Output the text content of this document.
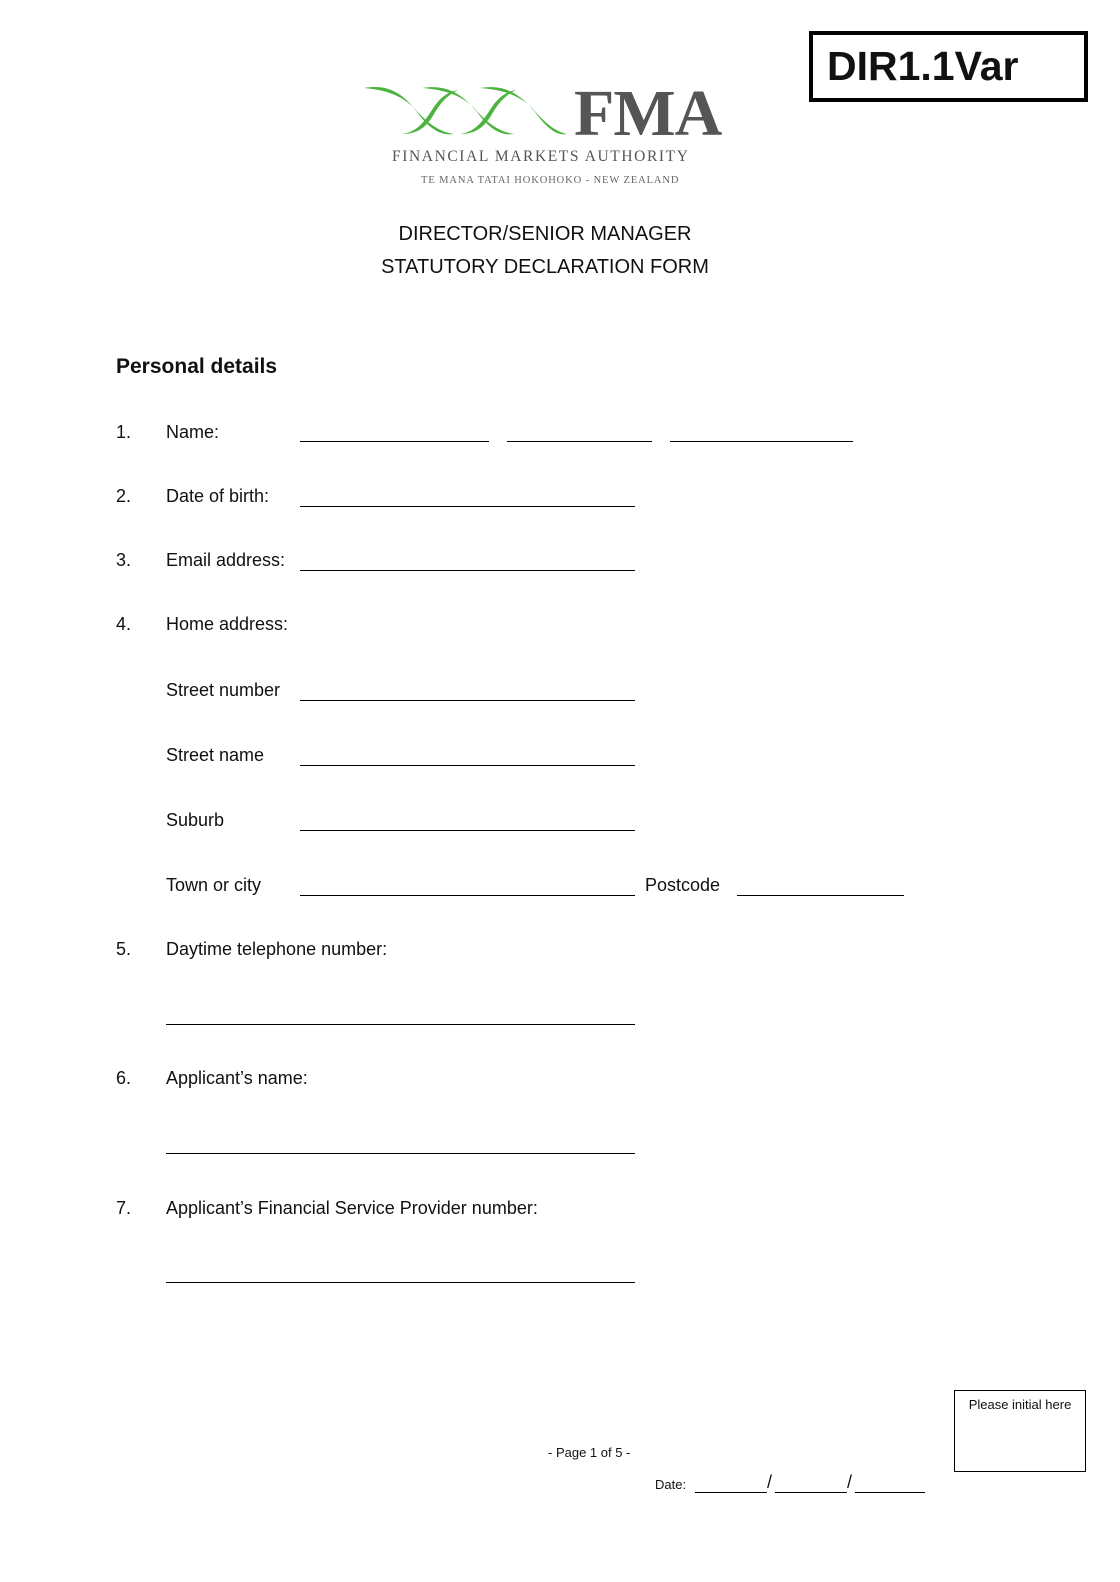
DIR1.1Var
FMA
FINANCIAL MARKETS AUTHORITY
TE MANA TATAI HOKOHOKO - NEW ZEALAND
DIRECTOR/SENIOR MANAGER
STATUTORY DECLARATION FORM
Personal details
1. Name:
2. Date of birth:
3. Email address:
4. Home address:
Street number
Street name
Suburb
Town or city	Postcode
5. Daytime telephone number:
6. Applicant’s name:
7. Applicant’s Financial Service Provider number:
Please initial here
- Page 1 of 5 -
Date:	/	/
